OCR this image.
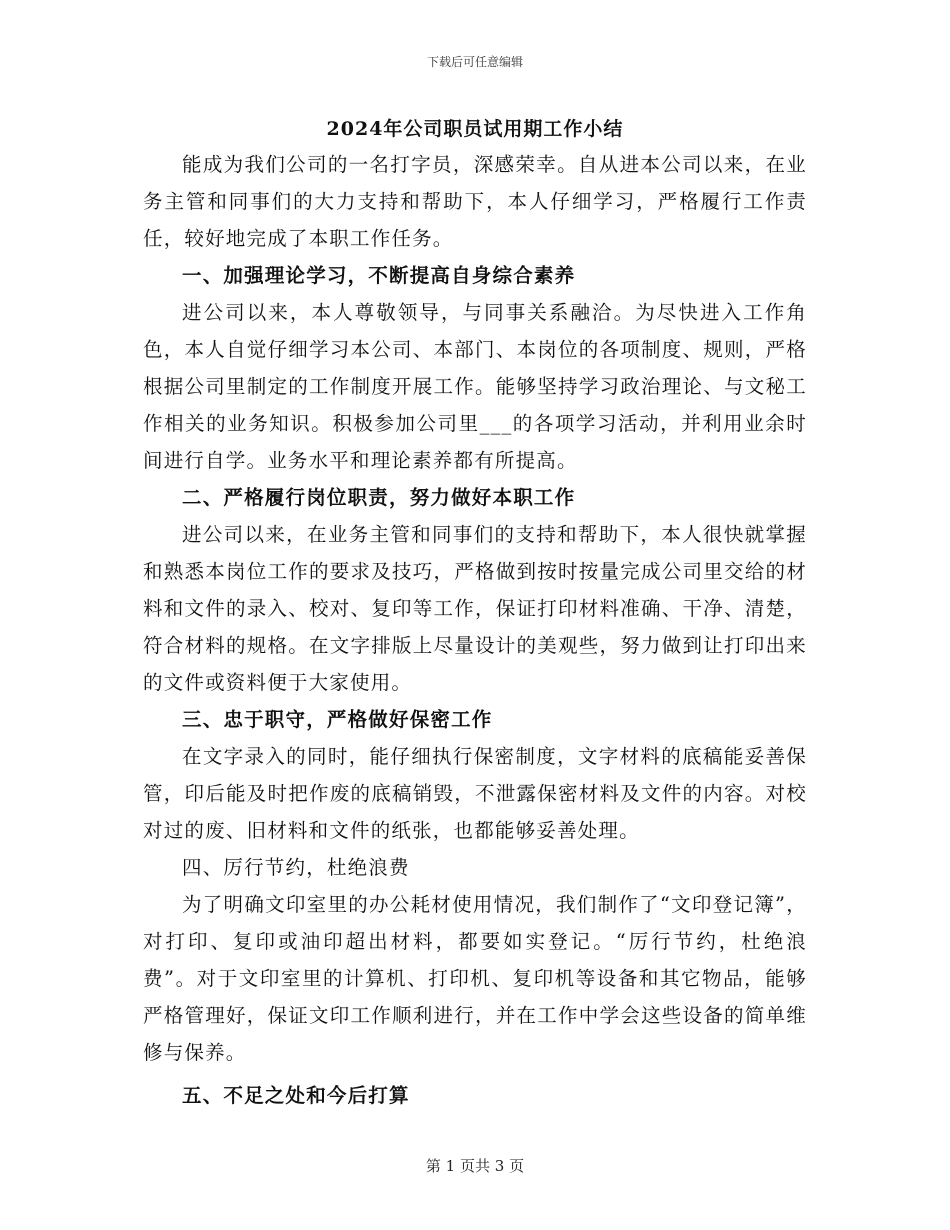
下载后可任意编辑
2024年公司职员试用期工作小结

能成为我们公司的一名打字员，深感荣幸。自从进本公司以来，在业务主管和同事们的大力支持和帮助下，本人仔细学习，严格履行工作责任，较好地完成了本职工作任务。

一、加强理论学习，不断提高自身综合素养

进公司以来，本人尊敬领导，与同事关系融洽。为尽快进入工作角色，本人自觉仔细学习本公司、本部门、本岗位的各项制度、规则，严格根据公司里制定的工作制度开展工作。能够坚持学习政治理论、与文秘工作相关的业务知识。积极参加公司里___的各项学习活动，并利用业余时间进行自学。业务水平和理论素养都有所提高。

二、严格履行岗位职责，努力做好本职工作

进公司以来，在业务主管和同事们的支持和帮助下，本人很快就掌握和熟悉本岗位工作的要求及技巧，严格做到按时按量完成公司里交给的材料和文件的录入、校对、复印等工作，保证打印材料准确、干净、清楚，符合材料的规格。在文字排版上尽量设计的美观些，努力做到让打印出来的文件或资料便于大家使用。

三、忠于职守，严格做好保密工作

在文字录入的同时，能仔细执行保密制度，文字材料的底稿能妥善保管，印后能及时把作废的底稿销毁，不泄露保密材料及文件的内容。对校对过的废、旧材料和文件的纸张，也都能够妥善处理。

四、厉行节约，杜绝浪费

为了明确文印室里的办公耗材使用情况，我们制作了“文印登记簿”，对打印、复印或油印超出材料，都要如实登记。“厉行节约，杜绝浪费”。对于文印室里的计算机、打印机、复印机等设备和其它物品，能够严格管理好，保证文印工作顺利进行，并在工作中学会这些设备的简单维修与保养。

五、不足之处和今后打算

第 1 页共 3 页
